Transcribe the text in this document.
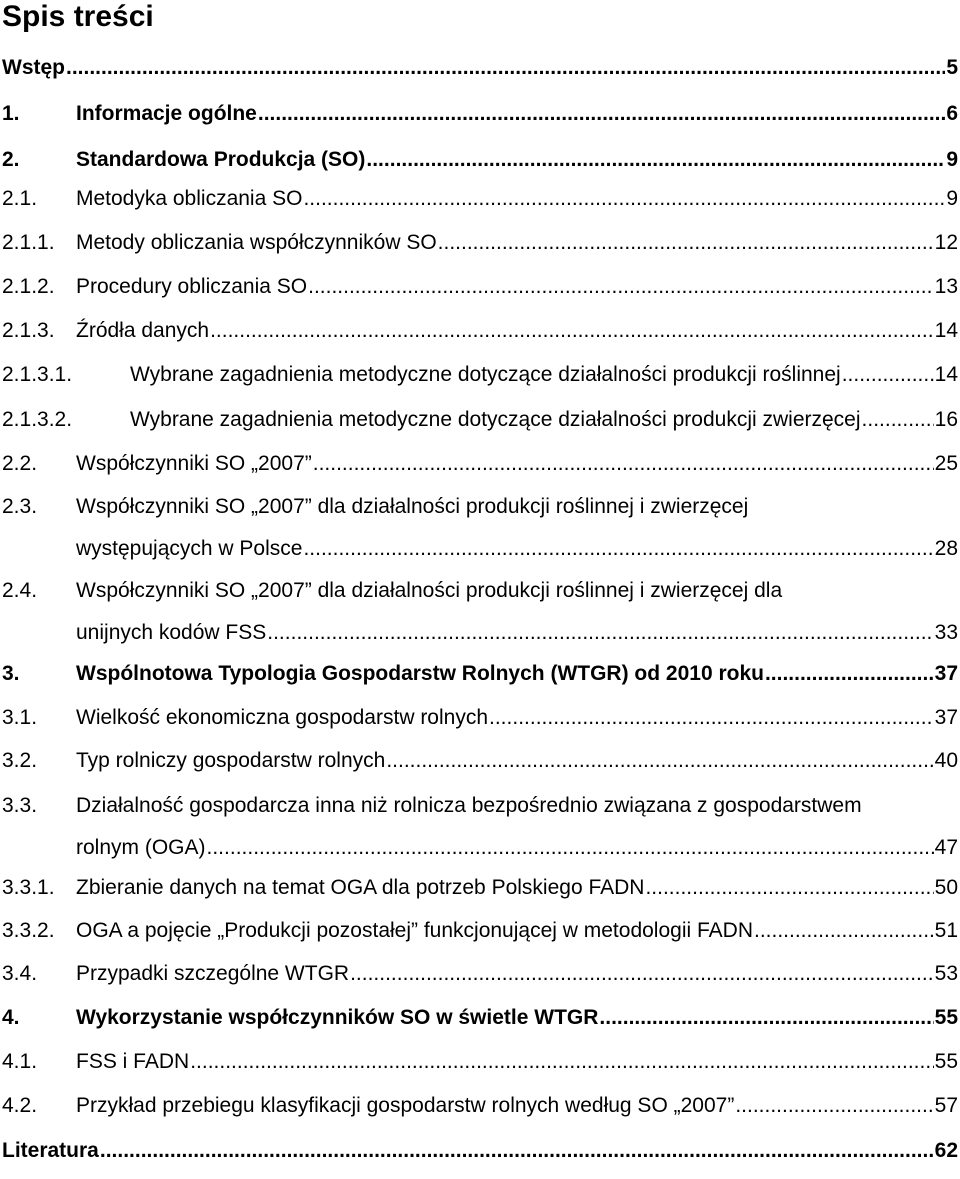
Spis treści
Wstęp .....	5
1.	Informacje ogólne .....	6
2.	Standardowa Produkcja (SO) .....	9
2.1.	Metodyka obliczania SO .....	9
2.1.1.	Metody obliczania współczynników SO .....	12
2.1.2.	Procedury obliczania SO .....	13
2.1.3.	Źródła danych .....	14
2.1.3.1.	Wybrane zagadnienia metodyczne dotyczące działalności produkcji roślinnej .....	14
2.1.3.2.	Wybrane zagadnienia metodyczne dotyczące działalności produkcji zwierzęcej .....	16
2.2.	Współczynniki SO „2007” .....	25
2.3.	Współczynniki SO „2007” dla działalności produkcji roślinnej i zwierzęcej
występujących w Polsce .....	28
2.4.	Współczynniki SO „2007” dla działalności produkcji roślinnej i zwierzęcej dla
unijnych kodów FSS .....	33
3.	Wspólnotowa Typologia Gospodarstw Rolnych (WTGR) od 2010 roku .....	37
3.1.	Wielkość ekonomiczna gospodarstw rolnych .....	37
3.2.	Typ rolniczy gospodarstw rolnych .....	40
3.3.	Działalność gospodarcza inna niż rolnicza bezpośrednio związana z gospodarstwem
rolnym (OGA) .....	47
3.3.1.	Zbieranie danych na temat OGA dla potrzeb Polskiego FADN .....	50
3.3.2.	OGA a pojęcie „Produkcji pozostałej” funkcjonującej w metodologii FADN .....	51
3.4.	Przypadki szczególne WTGR .....	53
4.	Wykorzystanie współczynników SO w świetle WTGR .....	55
4.1.	FSS i FADN .....	55
4.2.	Przykład przebiegu klasyfikacji gospodarstw rolnych według SO „2007” .....	57
Literatura .....	62
